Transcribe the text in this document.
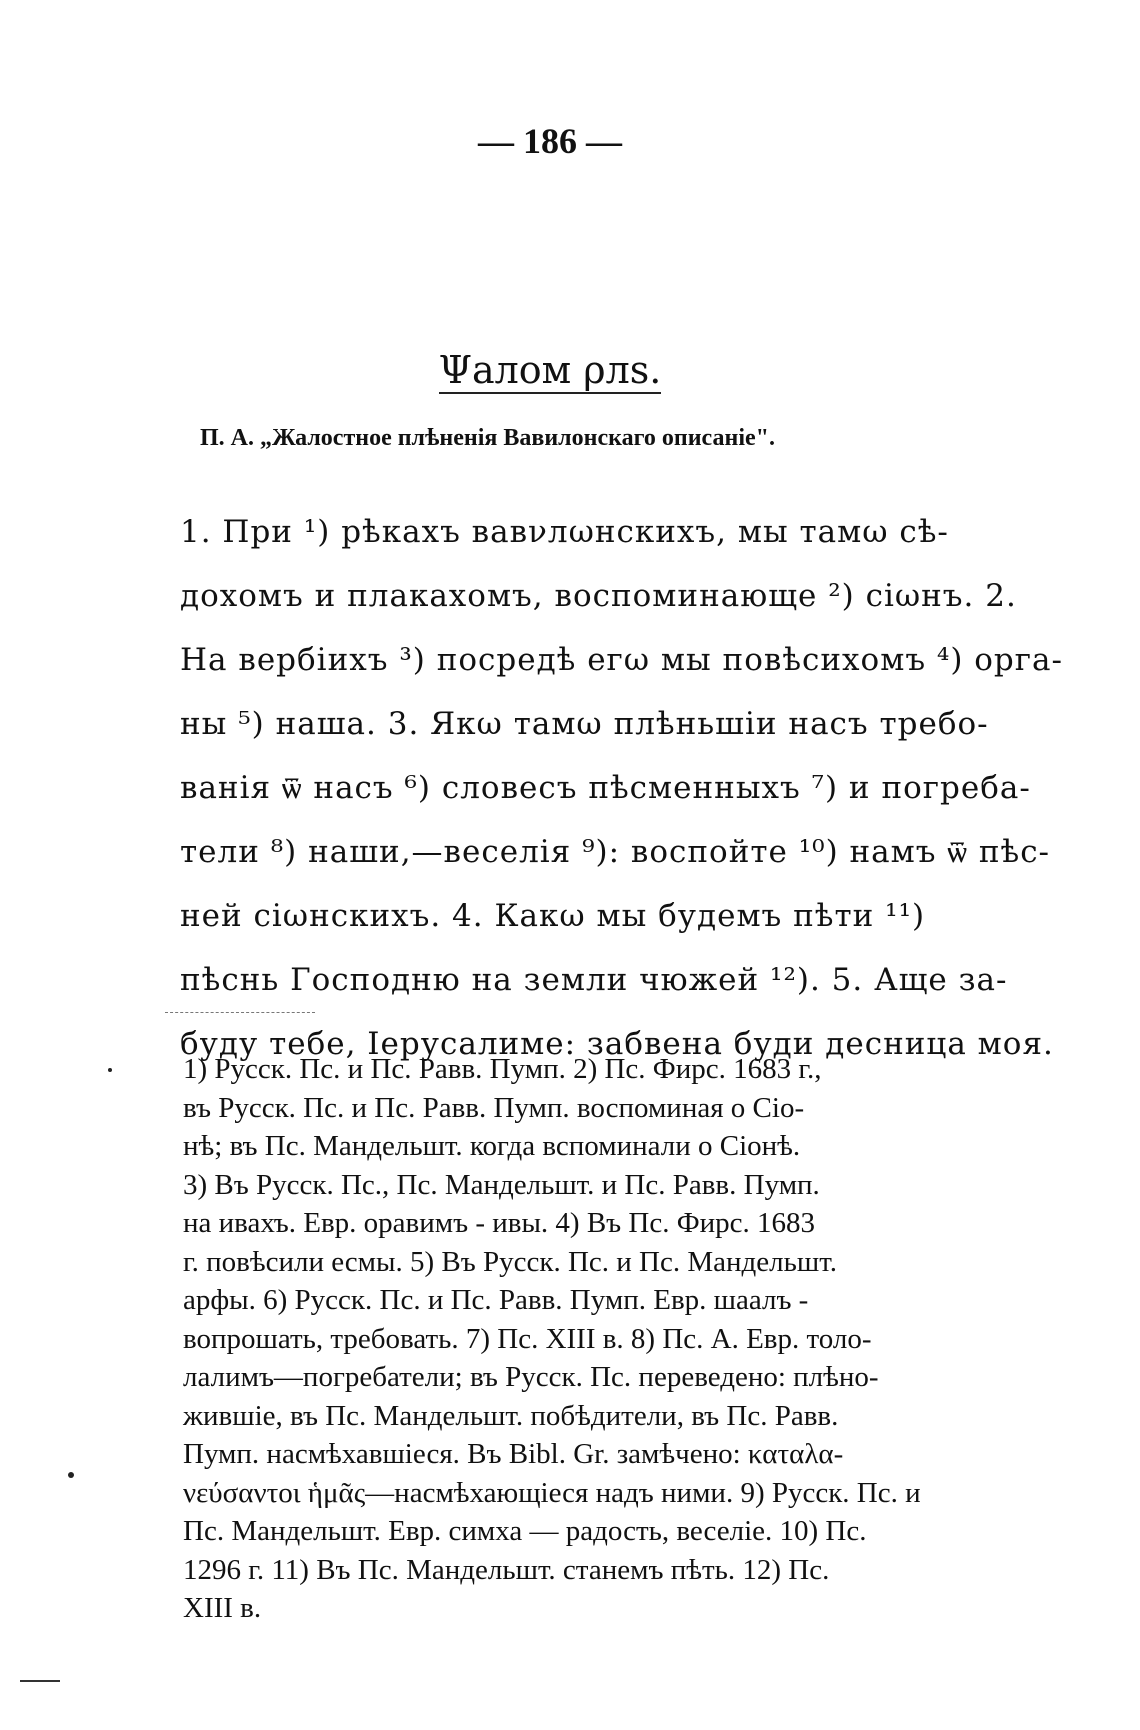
— 186 —
Ψалом ρлѕ.
П. А. „Жалостное плѣненія Вавилонскаго описаніе".
1. При ¹) рѣкахъ вавνлωнскихъ, мы тамω сѣ-
дохомъ и плакахомъ, воспоминающе ²) сіωнъ. 2.
На вербіихъ ³) посредѣ егω мы повѣсихомъ ⁴) орга-
ны ⁵) наша. 3. Якω тамω плѣньшіи насъ требо-
ванія ѿ насъ ⁶) словесъ пѣсменныхъ ⁷) и погреба-
тели ⁸) наши,—веселія ⁹): воспойте ¹⁰) намъ ѿ пѣс-
ней сіωнскихъ. 4. Какω мы будемъ пѣти ¹¹)
пѣснь Господню на земли чюжей ¹²). 5. Аще за-
буду тебе, Іерусалиме: забвена буди десница моя.
1) Русск. Пс. и Пс. Равв. Пумп. 2) Пс. Фирс. 1683 г.,
въ Русск. Пс. и Пс. Равв. Пумп. воспоминая о Сіо-
нѣ; въ Пс. Мандельшт. когда вспоминали о Сіонѣ.
3) Въ Русск. Пс., Пс. Мандельшт. и Пс. Равв. Пумп.
на ивахъ. Евр. оравимъ - ивы. 4) Въ Пс. Фирс. 1683
г. повѣсили есмы. 5) Въ Русск. Пс. и Пс. Мандельшт.
арфы. 6) Русск. Пс. и Пс. Равв. Пумп. Евр. шаалъ -
вопрошать, требовать. 7) Пс. XIII в. 8) Пс. А. Евр. толо-
лалимъ—погребатели; въ Русск. Пс. переведено: плѣно-
жившіе, въ Пс. Мандельшт. побѣдители, въ Пс. Равв.
Пумп. насмѣхавшіеся. Въ Bibl. Gr. замѣчено: καταλα-
νεύσαντοι ἡμᾶς—насмѣхающіеся надъ ними. 9) Русск. Пс. и
Пс. Мандельшт. Евр. симха — радость, веселіе. 10) Пс.
1296 г. 11) Въ Пс. Мандельшт. станемъ пѣть. 12) Пс.
XIII в.
